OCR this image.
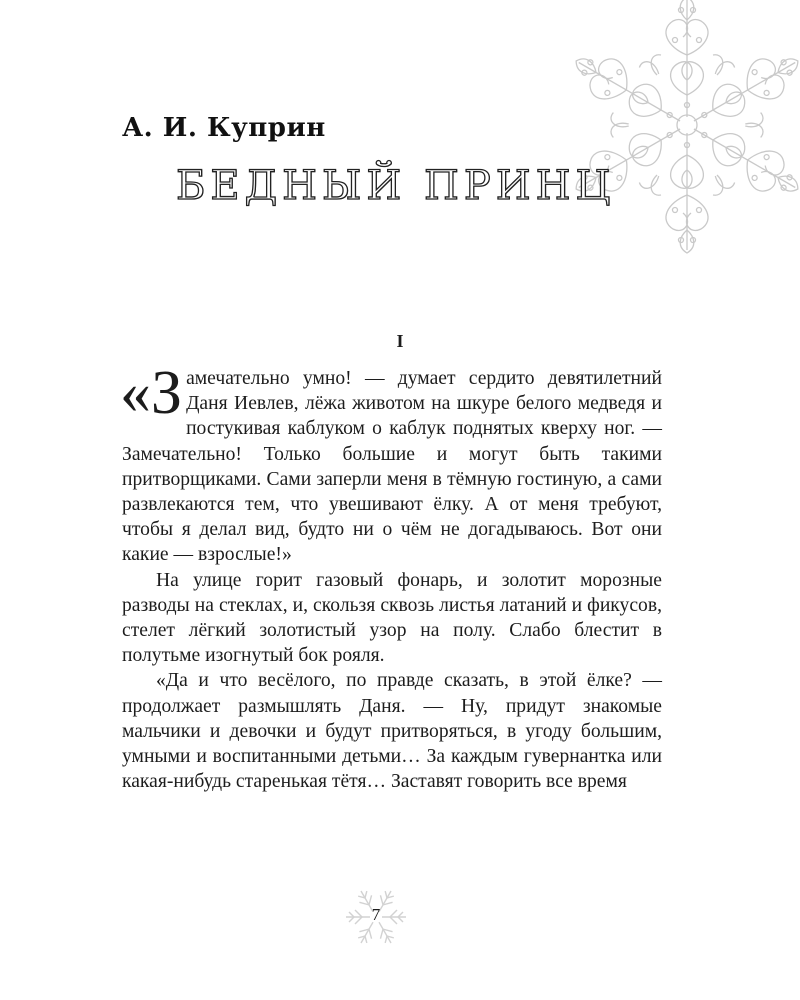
А. И. Куприн
БЕДНЫЙ ПРИНЦ
I

«Замечательно умно! — думает сердито девятилетний Даня Иевлев, лёжа животом на шкуре белого медведя и постукивая каблуком о каблук поднятых кверху ног. — Замечательно! Только большие и могут быть такими притворщиками. Сами заперли меня в тёмную гостиную, а сами развлекаются тем, что увешивают ёлку. А от меня требуют, чтобы я делал вид, будто ни о чём не догадываюсь. Вот они какие — взрослые!»

На улице горит газовый фонарь, и золотит морозные разводы на стеклах, и, скользя сквозь листья латаний и фикусов, стелет лёгкий золотистый узор на полу. Слабо блестит в полутьме изогнутый бок рояля.

«Да и что весёлого, по правде сказать, в этой ёлке? — продолжает размышлять Даня. — Ну, придут знакомые мальчики и девочки и будут притворяться, в угоду большим, умными и воспитанными детьми… За каждым гувернантка или какая-нибудь старенькая тётя… Заставят говорить все время

7
